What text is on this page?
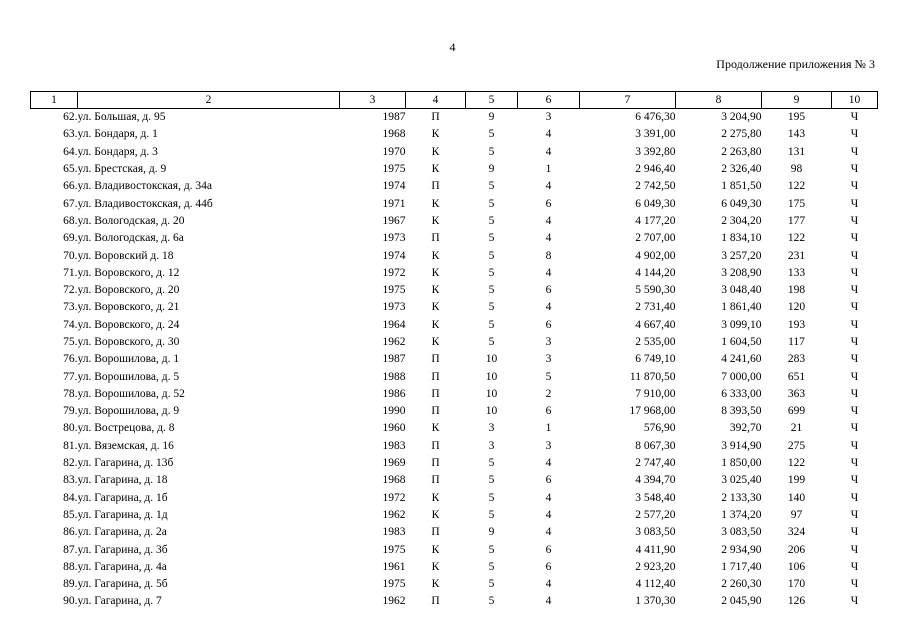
4
Продолжение приложения № 3
1	2	3	4	5	6	7	8	9	10
62.	ул. Большая, д. 95	1987	П	9	3	6 476,30	3 204,90	195	Ч
63.	ул. Бондаря, д. 1	1968	К	5	4	3 391,00	2 275,80	143	Ч
64.	ул. Бондаря, д. 3	1970	К	5	4	3 392,80	2 263,80	131	Ч
65.	ул. Брестская, д. 9	1975	К	9	1	2 946,40	2 326,40	98	Ч
66.	ул. Владивостокская, д. 34а	1974	П	5	4	2 742,50	1 851,50	122	Ч
67.	ул. Владивостокская, д. 44б	1971	К	5	6	6 049,30	6 049,30	175	Ч
68.	ул. Вологодская, д. 20	1967	К	5	4	4 177,20	2 304,20	177	Ч
69.	ул. Вологодская, д. 6а	1973	П	5	4	2 707,00	1 834,10	122	Ч
70.	ул. Воровский д. 18	1974	К	5	8	4 902,00	3 257,20	231	Ч
71.	ул. Воровского, д. 12	1972	К	5	4	4 144,20	3 208,90	133	Ч
72.	ул. Воровского, д. 20	1975	К	5	6	5 590,30	3 048,40	198	Ч
73.	ул. Воровского, д. 21	1973	К	5	4	2 731,40	1 861,40	120	Ч
74.	ул. Воровского, д. 24	1964	К	5	6	4 667,40	3 099,10	193	Ч
75.	ул. Воровского, д. 30	1962	К	5	3	2 535,00	1 604,50	117	Ч
76.	ул. Ворошилова, д. 1	1987	П	10	3	6 749,10	4 241,60	283	Ч
77.	ул. Ворошилова, д. 5	1988	П	10	5	11 870,50	7 000,00	651	Ч
78.	ул. Ворошилова, д. 52	1986	П	10	2	7 910,00	6 333,00	363	Ч
79.	ул. Ворошилова, д. 9	1990	П	10	6	17 968,00	8 393,50	699	Ч
80.	ул. Вострецова, д. 8	1960	К	3	1	576,90	392,70	21	Ч
81.	ул. Вяземская, д. 16	1983	П	3	3	8 067,30	3 914,90	275	Ч
82.	ул. Гагарина, д. 13б	1969	П	5	4	2 747,40	1 850,00	122	Ч
83.	ул. Гагарина, д. 18	1968	П	5	6	4 394,70	3 025,40	199	Ч
84.	ул. Гагарина, д. 1б	1972	К	5	4	3 548,40	2 133,30	140	Ч
85.	ул. Гагарина, д. 1д	1962	К	5	4	2 577,20	1 374,20	97	Ч
86.	ул. Гагарина, д. 2а	1983	П	9	4	3 083,50	3 083,50	324	Ч
87.	ул. Гагарина, д. 3б	1975	К	5	6	4 411,90	2 934,90	206	Ч
88.	ул. Гагарина, д. 4а	1961	К	5	6	2 923,20	1 717,40	106	Ч
89.	ул. Гагарина, д. 5б	1975	К	5	4	4 112,40	2 260,30	170	Ч
90.	ул. Гагарина, д. 7	1962	П	5	4	1 370,30	2 045,90	126	Ч
